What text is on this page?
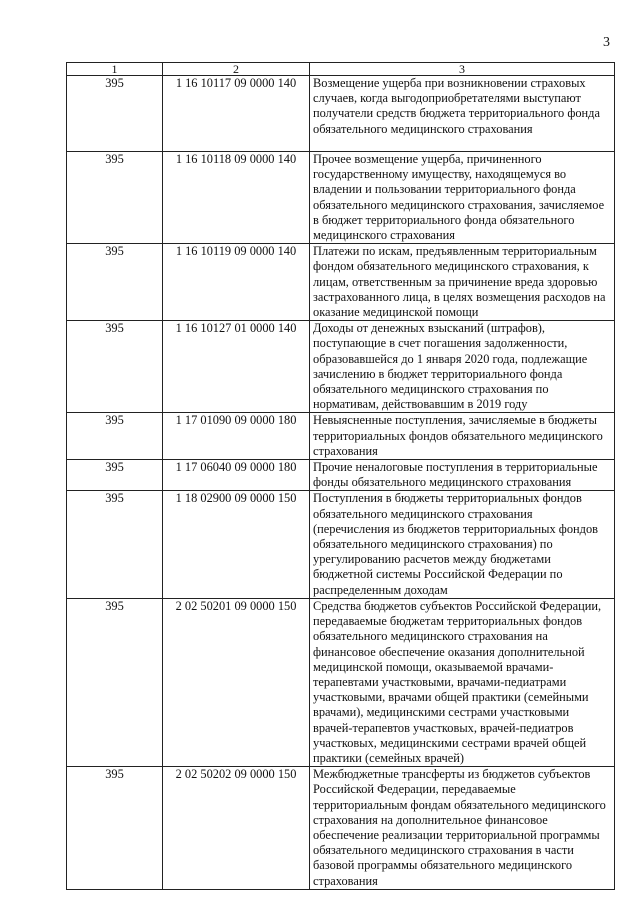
3
1	2	3
395	1 16 10117 09 0000 140	Возмещение ущерба при возникновении страховых случаев, когда выгодоприобретателями выступают получатели средств бюджета территориального фонда обязательного медицинского страхования
395	1 16 10118 09 0000 140	Прочее возмещение ущерба, причиненного государственному имуществу, находящемуся во владении и пользовании территориального фонда обязательного медицинского страхования, зачисляемое в бюджет территориального фонда обязательного медицинского страхования
395	1 16 10119 09 0000 140	Платежи по искам, предъявленным территориальным фондом обязательного медицинского страхования, к лицам, ответственным за причинение вреда здоровью застрахованного лица, в целях возмещения расходов на оказание медицинской помощи
395	1 16 10127 01 0000 140	Доходы от денежных взысканий (штрафов), поступающие в счет погашения задолженности, образовавшейся до 1 января 2020 года, подлежащие зачислению в бюджет территориального фонда обязательного медицинского страхования по нормативам, действовавшим в 2019 году
395	1 17 01090 09 0000 180	Невыясненные поступления, зачисляемые в бюджеты территориальных фондов обязательного медицинского страхования
395	1 17 06040 09 0000 180	Прочие неналоговые поступления в территориальные фонды обязательного медицинского страхования
395	1 18 02900 09 0000 150	Поступления в бюджеты территориальных фондов обязательного медицинского страхования (перечисления из бюджетов территориальных фондов обязательного медицинского страхования) по урегулированию расчетов между бюджетами бюджетной системы Российской Федерации по распределенным доходам
395	2 02 50201 09 0000 150	Средства бюджетов субъектов Российской Федерации, передаваемые бюджетам территориальных фондов обязательного медицинского страхования на финансовое обеспечение оказания дополнительной медицинской помощи, оказываемой врачами-терапевтами участковыми, врачами-педиатрами участковыми, врачами общей практики (семейными врачами), медицинскими сестрами участковыми врачей-терапевтов участковых, врачей-педиатров участковых, медицинскими сестрами врачей общей практики (семейных врачей)
395	2 02 50202 09 0000 150	Межбюджетные трансферты из бюджетов субъектов Российской Федерации, передаваемые территориальным фондам обязательного медицинского страхования на дополнительное финансовое обеспечение реализации территориальной программы обязательного медицинского страхования в части базовой программы обязательного медицинского страхования
